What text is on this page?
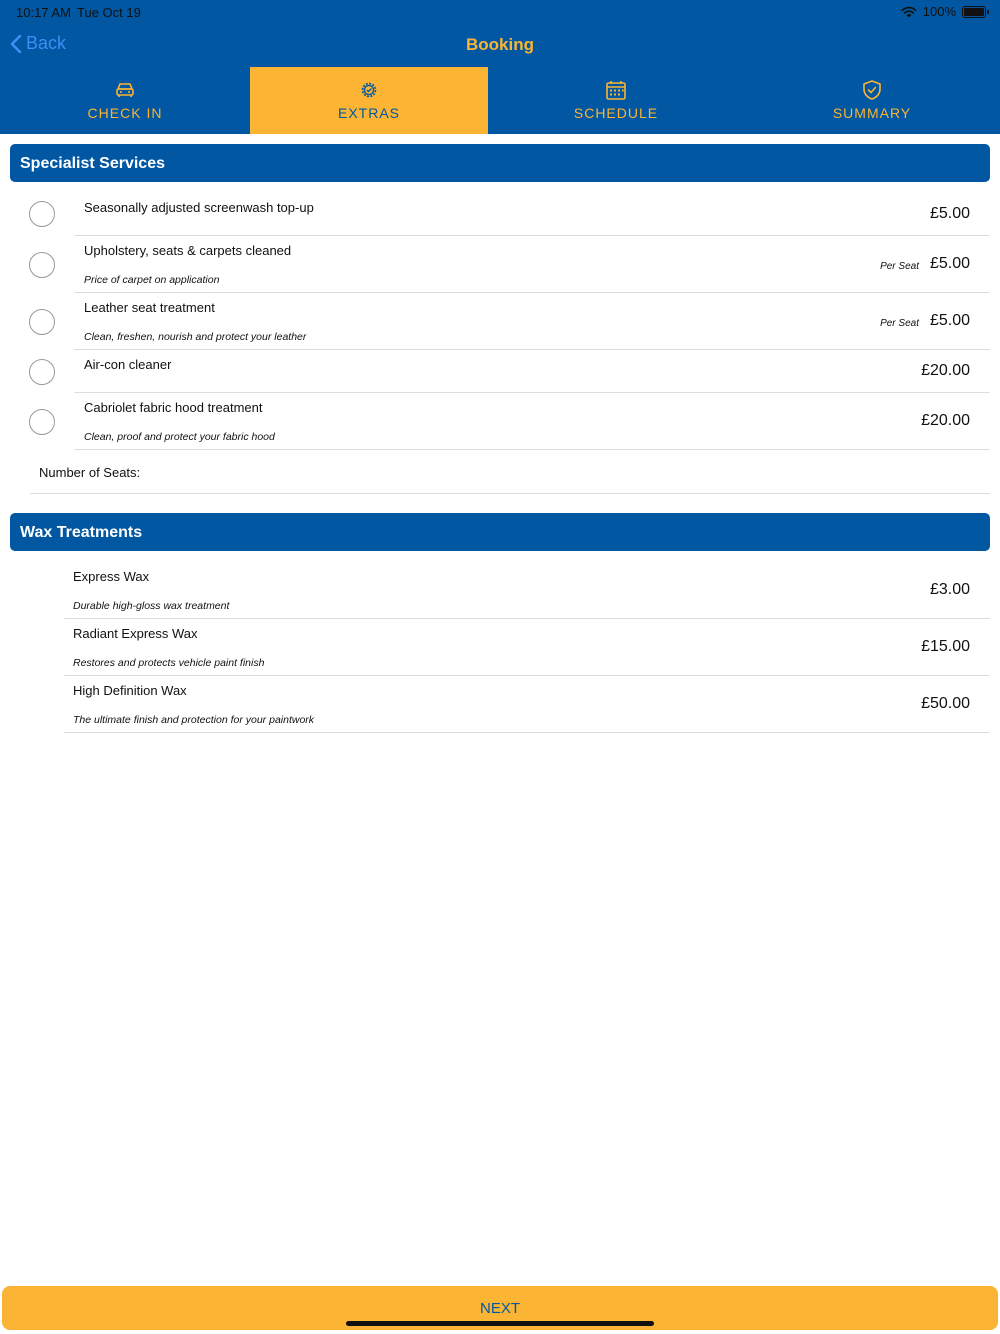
10:17 AM Tue Oct 19	100%
Back	Booking
CHECK IN	EXTRAS	SCHEDULE	SUMMARY
Specialist Services
Seasonally adjusted screenwash top-up	£5.00
Upholstery, seats & carpets cleaned
Price of carpet on application
Per Seat £5.00
Leather seat treatment
Clean, freshen, nourish and protect your leather
Per Seat £5.00
Air-con cleaner	£20.00
Cabriolet fabric hood treatment
Clean, proof and protect your fabric hood
£20.00
Number of Seats:
Wax Treatments
Express Wax
Durable high-gloss wax treatment
£3.00
Radiant Express Wax
Restores and protects vehicle paint finish
£15.00
High Definition Wax
The ultimate finish and protection for your paintwork
£50.00
NEXT
